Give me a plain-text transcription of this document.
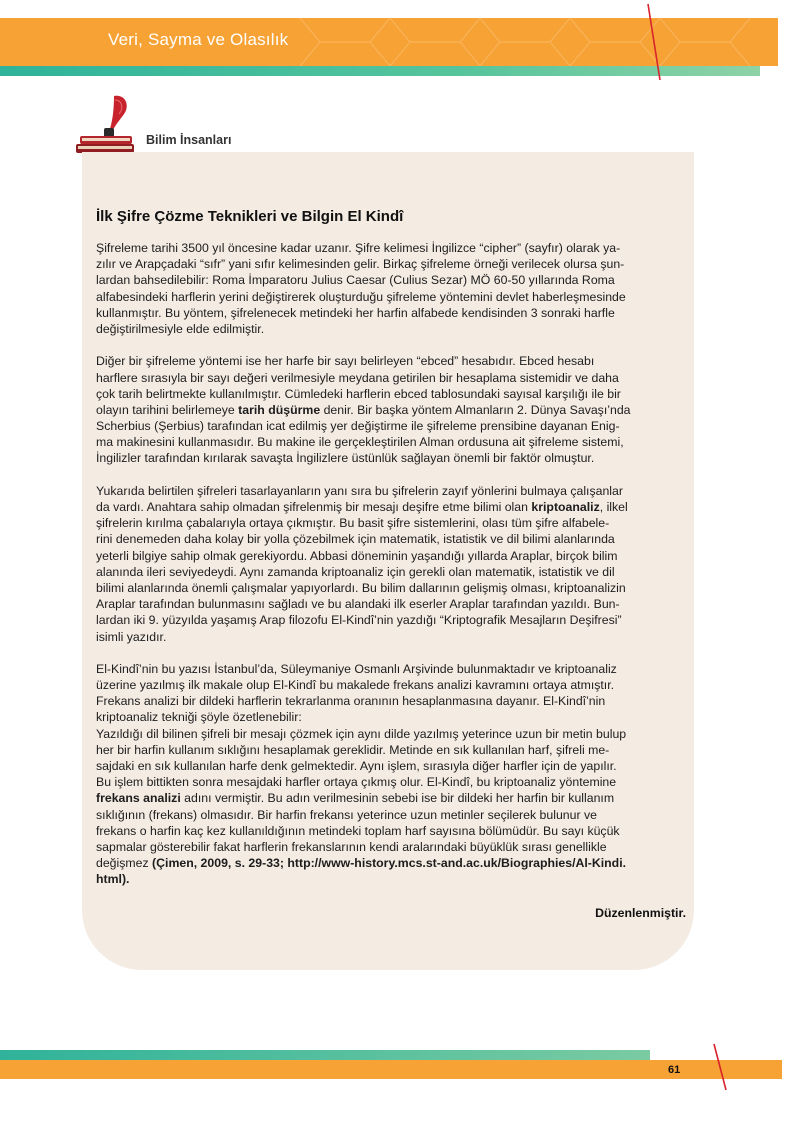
Veri, Sayma ve Olasılık
Bilim İnsanları
İlk Şifre Çözme Teknikleri ve Bilgin El Kindî
Şifreleme tarihi 3500 yıl öncesine kadar uzanır. Şifre kelimesi İngilizce “cipher” (sayfır) olarak ya-
zılır ve Arapçadaki “sıfr” yani sıfır kelimesinden gelir. Birkaç şifreleme örneği verilecek olursa şun-
lardan bahsedilebilir: Roma İmparatoru Julius Caesar (Culius Sezar) MÖ 60-50 yıllarında Roma
alfabesindeki harflerin yerini değiştirerek oluşturduğu şifreleme yöntemini devlet haberleşmesinde
kullanmıştır. Bu yöntem, şifrelenecek metindeki her harfin alfabede kendisinden 3 sonraki harfle
değiştirilmesiyle elde edilmiştir.
Diğer bir şifreleme yöntemi ise her harfe bir sayı belirleyen “ebced” hesabıdır. Ebced hesabı
harflere sırasıyla bir sayı değeri verilmesiyle meydana getirilen bir hesaplama sistemidir ve daha
çok tarih belirtmekte kullanılmıştır. Cümledeki harflerin ebced tablosundaki sayısal karşılığı ile bir
olayın tarihini belirlemeye tarih düşürme denir. Bir başka yöntem Almanların 2. Dünya Savaşı’nda
Scherbius (Şerbius) tarafından icat edilmiş yer değiştirme ile şifreleme prensibine dayanan Enig-
ma makinesini kullanmasıdır. Bu makine ile gerçekleştirilen Alman ordusuna ait şifreleme sistemi,
İngilizler tarafından kırılarak savaşta İngilizlere üstünlük sağlayan önemli bir faktör olmuştur.
Yukarıda belirtilen şifreleri tasarlayanların yanı sıra bu şifrelerin zayıf yönlerini bulmaya çalışanlar
da vardı. Anahtara sahip olmadan şifrelenmiş bir mesajı deşifre etme bilimi olan kriptoanaliz, ilkel
şifrelerin kırılma çabalarıyla ortaya çıkmıştır. Bu basit şifre sistemlerini, olası tüm şifre alfabele-
rini denemeden daha kolay bir yolla çözebilmek için matematik, istatistik ve dil bilimi alanlarında
yeterli bilgiye sahip olmak gerekiyordu. Abbasi döneminin yaşandığı yıllarda Araplar, birçok bilim
alanında ileri seviyedeydi. Aynı zamanda kriptoanaliz için gerekli olan matematik, istatistik ve dil
bilimi alanlarında önemli çalışmalar yapıyorlardı. Bu bilim dallarının gelişmiş olması, kriptoanalizin
Araplar tarafından bulunmasını sağladı ve bu alandaki ilk eserler Araplar tarafından yazıldı. Bun-
lardan iki 9. yüzyılda yaşamış Arap filozofu El-Kindî’nin yazdığı “Kriptografik Mesajların Deşifresi”
isimli yazıdır.
El-Kindî’nin bu yazısı İstanbul’da, Süleymaniye Osmanlı Arşivinde bulunmaktadır ve kriptoanaliz
üzerine yazılmış ilk makale olup El-Kindî bu makalede frekans analizi kavramını ortaya atmıştır.
Frekans analizi bir dildeki harflerin tekrarlanma oranının hesaplanmasına dayanır. El-Kindî’nin
kriptoanaliz tekniği şöyle özetlenebilir:
Yazıldığı dil bilinen şifreli bir mesajı çözmek için aynı dilde yazılmış yeterince uzun bir metin bulup
her bir harfin kullanım sıklığını hesaplamak gereklidir. Metinde en sık kullanılan harf, şifreli me-
sajdaki en sık kullanılan harfe denk gelmektedir. Aynı işlem, sırasıyla diğer harfler için de yapılır.
Bu işlem bittikten sonra mesajdaki harfler ortaya çıkmış olur. El-Kindî, bu kriptoanaliz yöntemine
frekans analizi adını vermiştir. Bu adın verilmesinin sebebi ise bir dildeki her harfin bir kullanım
sıklığının (frekans) olmasıdır. Bir harfin frekansı yeterince uzun metinler seçilerek bulunur ve
frekans o harfin kaç kez kullanıldığının metindeki toplam harf sayısına bölümüdür. Bu sayı küçük
sapmalar gösterebilir fakat harflerin frekanslarının kendi aralarındaki büyüklük sırası genellikle
değişmez (Çimen, 2009, s. 29-33; http://www-history.mcs.st-and.ac.uk/Biographies/Al-Kindi.
html).
Düzenlenmiştir.
61
